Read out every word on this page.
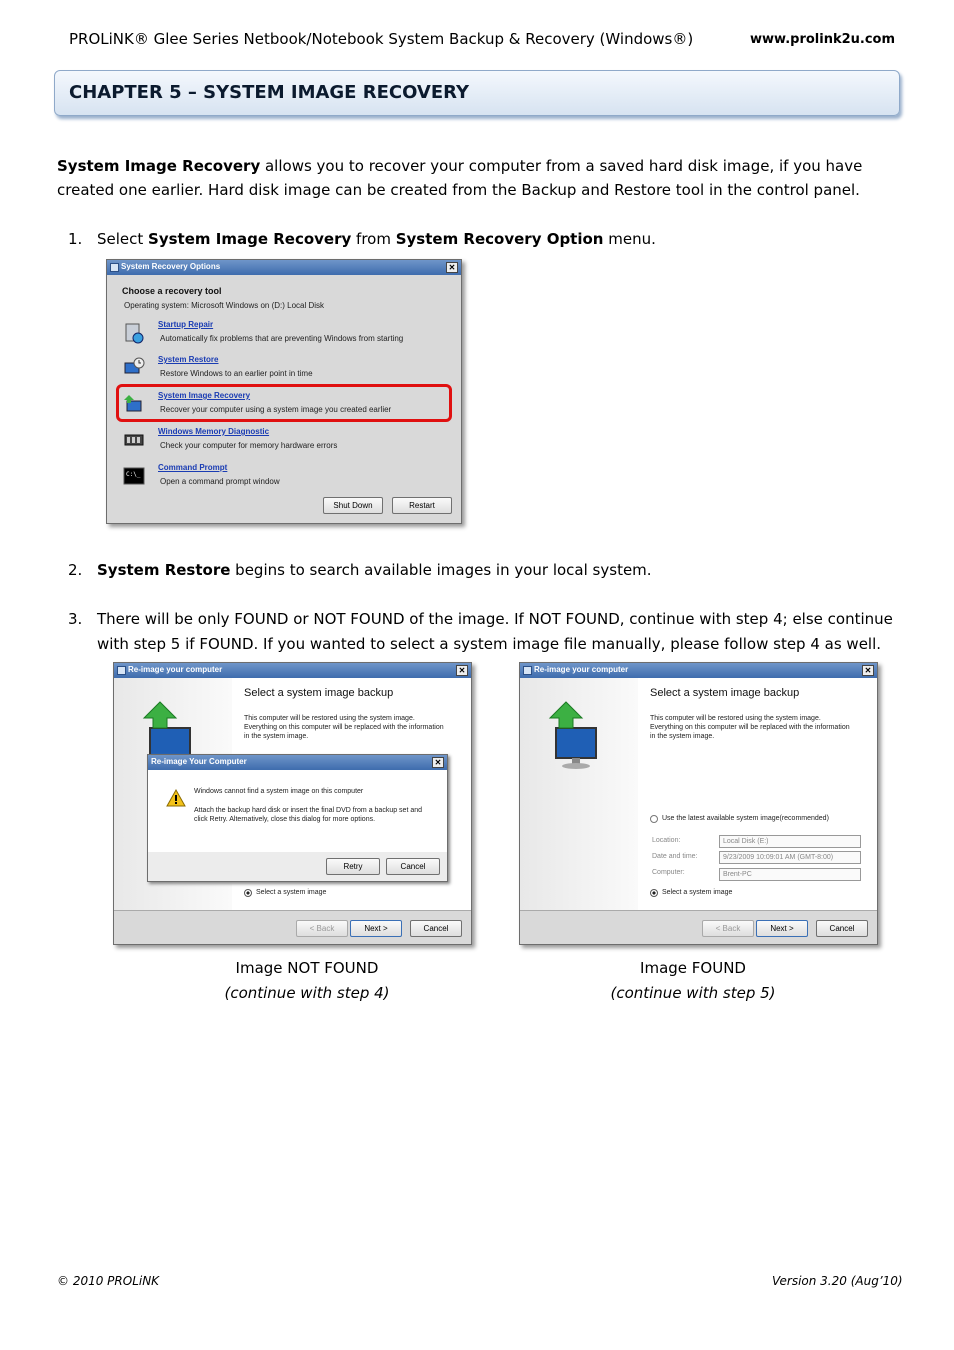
PROLiNK® Glee Series Netbook/Notebook System Backup & Recovery (Windows®)	www.prolink2u.com
CHAPTER 5 – SYSTEM IMAGE RECOVERY
System Image Recovery allows you to recover your computer from a saved hard disk image, if you have created one earlier. Hard disk image can be created from the Backup and Restore tool in the control panel.
1. Select System Image Recovery from System Recovery Option menu.
System Recovery Options	✕
Choose a recovery tool
Operating system: Microsoft Windows on (D:) Local Disk
Startup Repair
Automatically fix problems that are preventing Windows from starting
System Restore
Restore Windows to an earlier point in time
System Image Recovery
Recover your computer using a system image you created earlier
Windows Memory Diagnostic
Check your computer for memory hardware errors
C:\_
Command Prompt
Open a command prompt window
Shut Down	Restart
2. System Restore begins to search available images in your local system.
3. There will be only FOUND or NOT FOUND of the image. If NOT FOUND, continue with step 4; else continue with step 5 if FOUND. If you wanted to select a system image file manually, please follow step 4 as well.
Re-image your computer	✕
Select a system image backup
This computer will be restored using the system image. Everything on this computer will be replaced with the information in the system image.
Re-image Your Computer	✕
Windows cannot find a system image on this computer
Attach the backup hard disk or insert the final DVD from a backup set and click Retry. Alternatively, close this dialog for more options.
Retry	Cancel
Select a system image
< Back	Next >	Cancel
Re-image your computer	✕
Select a system image backup
This computer will be restored using the system image. Everything on this computer will be replaced with the information in the system image.
Use the latest available system image(recommended)
Location:	Local Disk (E:)
Date and time:	9/23/2009 10:09:01 AM (GMT-8:00)
Computer:	Brent-PC
Select a system image
< Back	Next >	Cancel
Image NOT FOUND
(continue with step 4)
Image FOUND
(continue with step 5)
© 2010 PROLiNK	Version 3.20 (Aug’10)
